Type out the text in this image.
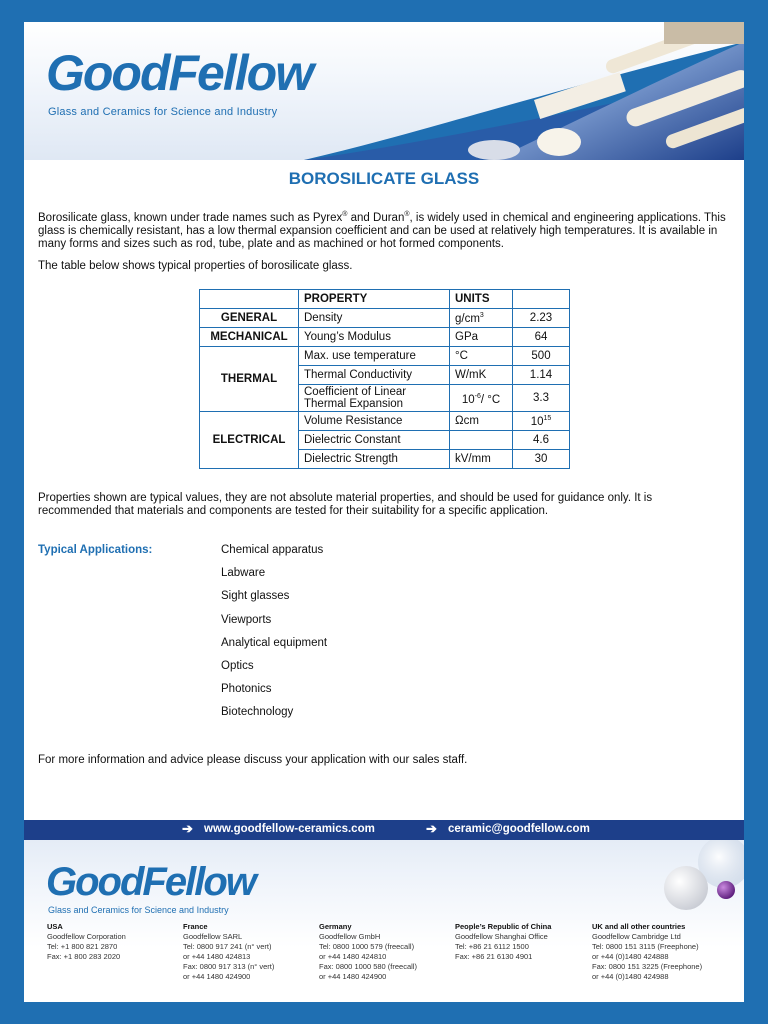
GoodFellow
Glass and Ceramics for Science and Industry
BOROSILICATE GLASS

Borosilicate glass, known under trade names such as Pyrex® and Duran®, is widely used in chemical and engineering applications. This glass is chemically resistant, has a low thermal expansion coefficient and can be used at relatively high temperatures. It is available in many forms and sizes such as rod, tube, plate and as machined or hot formed components.

The table below shows typical properties of borosilicate glass.

	PROPERTY	UNITS	
GENERAL	Density	$g/cm^3$	2.23
MECHANICAL	Young’s Modulus	GPa	64
THERMAL	Max. use temperature	°C	500
	Thermal Conductivity	W/mK	1.14
	Coefficient of Linear
Thermal Expansion	$10^{-6}/$ °C	3.3
ELECTRICAL	Volume Resistance	Ωcm	$10^{15}$
	Dielectric Constant		4.6
	Dielectric Strength	kV/mm	30

Properties shown are typical values, they are not absolute material properties, and should be used for guidance only. It is recommended that materials and components are tested for their suitability for a specific application.

Typical Applications:	Chemical apparatus
Labware
Sight glasses
Viewports
Analytical equipment
Optics
Photonics
Biotechnology

For more information and advice please discuss your application with our sales staff.

➔ www.goodfellow-ceramics.com	➔ ceramic@goodfellow.com
GoodFellow
Glass and Ceramics for Science and Industry
USA
Goodfellow Corporation
Tel: +1 800 821 2870
Fax: +1 800 283 2020
France
Goodfellow SARL
Tel: 0800 917 241 (n° vert)
or +44 1480 424813
Fax: 0800 917 313 (n° vert)
or +44 1480 424900
Germany
Goodfellow GmbH
Tel: 0800 1000 579 (freecall)
or +44 1480 424810
Fax: 0800 1000 580 (freecall)
or +44 1480 424900
People’s Republic of China
Goodfellow Shanghai Office
Tel: +86 21 6112 1500
Fax: +86 21 6130 4901
UK and all other countries
Goodfellow Cambridge Ltd
Tel: 0800 151 3115 (Freephone)
or +44 (0)1480 424888
Fax: 0800 151 3225 (Freephone)
or +44 (0)1480 424988
